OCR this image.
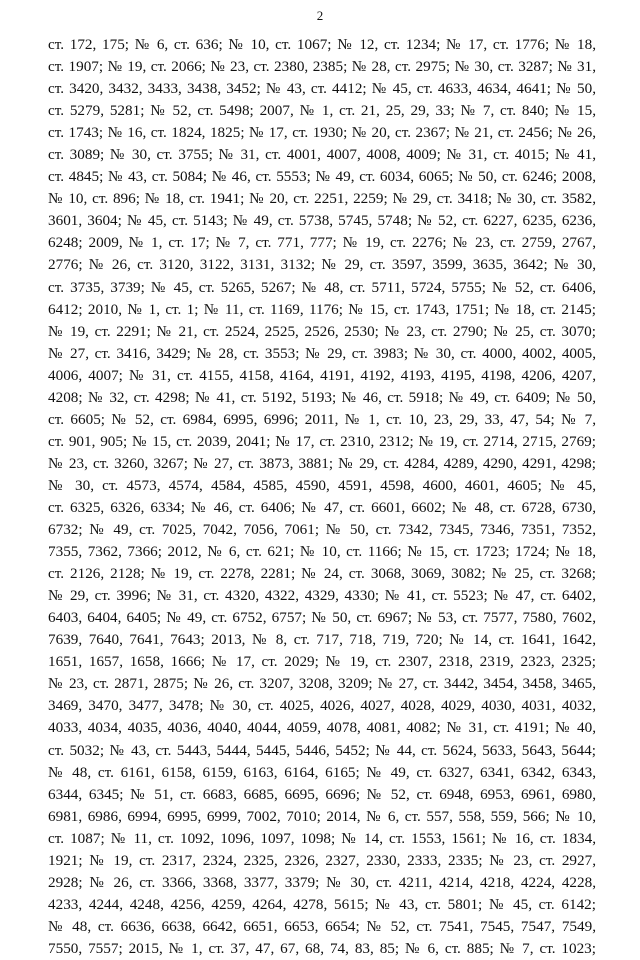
2
ст. 172, 175; № 6, ст. 636; № 10, ст. 1067; № 12, ст. 1234; № 17, ст. 1776; № 18,
ст. 1907; № 19, ст. 2066; № 23, ст. 2380, 2385; № 28, ст. 2975; № 30, ст. 3287; № 31,
ст. 3420, 3432, 3433, 3438, 3452; № 43, ст. 4412; № 45, ст. 4633, 4634, 4641; № 50,
ст. 5279, 5281; № 52, ст. 5498; 2007, № 1, ст. 21, 25, 29, 33; № 7, ст. 840; № 15,
ст. 1743; № 16, ст. 1824, 1825; № 17, ст. 1930; № 20, ст. 2367; № 21, ст. 2456; № 26,
ст. 3089; № 30, ст. 3755; № 31, ст. 4001, 4007, 4008, 4009; № 31, ст. 4015; № 41,
ст. 4845; № 43, ст. 5084; № 46, ст. 5553; № 49, ст. 6034, 6065; № 50, ст. 6246; 2008,
№ 10, ст. 896; № 18, ст. 1941; № 20, ст. 2251, 2259; № 29, ст. 3418; № 30, ст. 3582,
3601, 3604; № 45, ст. 5143; № 49, ст. 5738, 5745, 5748; № 52, ст. 6227, 6235, 6236,
6248; 2009, № 1, ст. 17; № 7, ст. 771, 777; № 19, ст. 2276; № 23, ст. 2759, 2767,
2776; № 26, ст. 3120, 3122, 3131, 3132; № 29, ст. 3597, 3599, 3635, 3642; № 30,
ст. 3735, 3739; № 45, ст. 5265, 5267; № 48, ст. 5711, 5724, 5755; № 52, ст. 6406,
6412; 2010, № 1, ст. 1; № 11, ст. 1169, 1176; № 15, ст. 1743, 1751; № 18, ст. 2145;
№ 19, ст. 2291; № 21, ст. 2524, 2525, 2526, 2530; № 23, ст. 2790; № 25, ст. 3070;
№ 27, ст. 3416, 3429; № 28, ст. 3553; № 29, ст. 3983; № 30, ст. 4000, 4002, 4005,
4006, 4007; № 31, ст. 4155, 4158, 4164, 4191, 4192, 4193, 4195, 4198, 4206, 4207,
4208; № 32, ст. 4298; № 41, ст. 5192, 5193; № 46, ст. 5918; № 49, ст. 6409; № 50,
ст. 6605; № 52, ст. 6984, 6995, 6996; 2011, № 1, ст. 10, 23, 29, 33, 47, 54; № 7,
ст. 901, 905; № 15, ст. 2039, 2041; № 17, ст. 2310, 2312; № 19, ст. 2714, 2715, 2769;
№ 23, ст. 3260, 3267; № 27, ст. 3873, 3881; № 29, ст. 4284, 4289, 4290, 4291, 4298;
№ 30, ст. 4573, 4574, 4584, 4585, 4590, 4591, 4598, 4600, 4601, 4605; № 45,
ст. 6325, 6326, 6334; № 46, ст. 6406; № 47, ст. 6601, 6602; № 48, ст. 6728, 6730,
6732; № 49, ст. 7025, 7042, 7056, 7061; № 50, ст. 7342, 7345, 7346, 7351, 7352,
7355, 7362, 7366; 2012, № 6, ст. 621; № 10, ст. 1166; № 15, ст. 1723; 1724; № 18,
ст. 2126, 2128; № 19, ст. 2278, 2281; № 24, ст. 3068, 3069, 3082; № 25, ст. 3268;
№ 29, ст. 3996; № 31, ст. 4320, 4322, 4329, 4330; № 41, ст. 5523; № 47, ст. 6402,
6403, 6404, 6405; № 49, ст. 6752, 6757; № 50, ст. 6967; № 53, ст. 7577, 7580, 7602,
7639, 7640, 7641, 7643; 2013, № 8, ст. 717, 718, 719, 720; № 14, ст. 1641, 1642,
1651, 1657, 1658, 1666; № 17, ст. 2029; № 19, ст. 2307, 2318, 2319, 2323, 2325;
№ 23, ст. 2871, 2875; № 26, ст. 3207, 3208, 3209; № 27, ст. 3442, 3454, 3458, 3465,
3469, 3470, 3477, 3478; № 30, ст. 4025, 4026, 4027, 4028, 4029, 4030, 4031, 4032,
4033, 4034, 4035, 4036, 4040, 4044, 4059, 4078, 4081, 4082; № 31, ст. 4191; № 40,
ст. 5032; № 43, ст. 5443, 5444, 5445, 5446, 5452; № 44, ст. 5624, 5633, 5643, 5644;
№ 48, ст. 6161, 6158, 6159, 6163, 6164, 6165; № 49, ст. 6327, 6341, 6342, 6343,
6344, 6345; № 51, ст. 6683, 6685, 6695, 6696; № 52, ст. 6948, 6953, 6961, 6980,
6981, 6986, 6994, 6995, 6999, 7002, 7010; 2014, № 6, ст. 557, 558, 559, 566; № 10,
ст. 1087; № 11, ст. 1092, 1096, 1097, 1098; № 14, ст. 1553, 1561; № 16, ст. 1834,
1921; № 19, ст. 2317, 2324, 2325, 2326, 2327, 2330, 2333, 2335; № 23, ст. 2927,
2928; № 26, ст. 3366, 3368, 3377, 3379; № 30, ст. 4211, 4214, 4218, 4224, 4228,
4233, 4244, 4248, 4256, 4259, 4264, 4278, 5615; № 43, ст. 5801; № 45, ст. 6142;
№ 48, ст. 6636, 6638, 6642, 6651, 6653, 6654; № 52, ст. 7541, 7545, 7547, 7549,
7550, 7557; 2015, № 1, ст. 37, 47, 67, 68, 74, 83, 85; № 6, ст. 885; № 7, ст. 1023;
